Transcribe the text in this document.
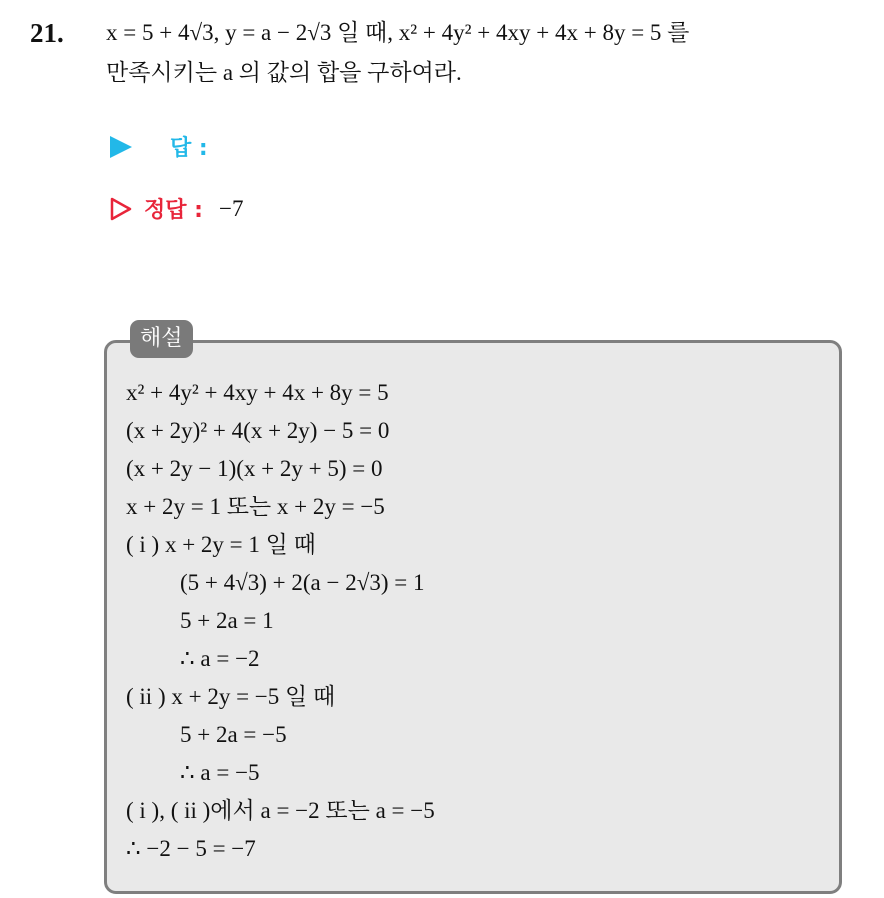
21. x = 5 + 4√3, y = a − 2√3 일 때, x² + 4y² + 4xy + 4x + 8y = 5 를
만족시키는 a 의 값의 합을 구하여라.
답 :
정답 : −7
해설
x² + 4y² + 4xy + 4x + 8y = 5
(x + 2y)² + 4(x + 2y) − 5 = 0
(x + 2y − 1)(x + 2y + 5) = 0
x + 2y = 1 또는 x + 2y = −5
( i ) x + 2y = 1 일 때
(5 + 4√3) + 2(a − 2√3) = 1
5 + 2a = 1
∴ a = −2
( ii ) x + 2y = −5 일 때
5 + 2a = −5
∴ a = −5
( i ), ( ii )에서 a = −2 또는 a = −5
∴ −2 − 5 = −7
